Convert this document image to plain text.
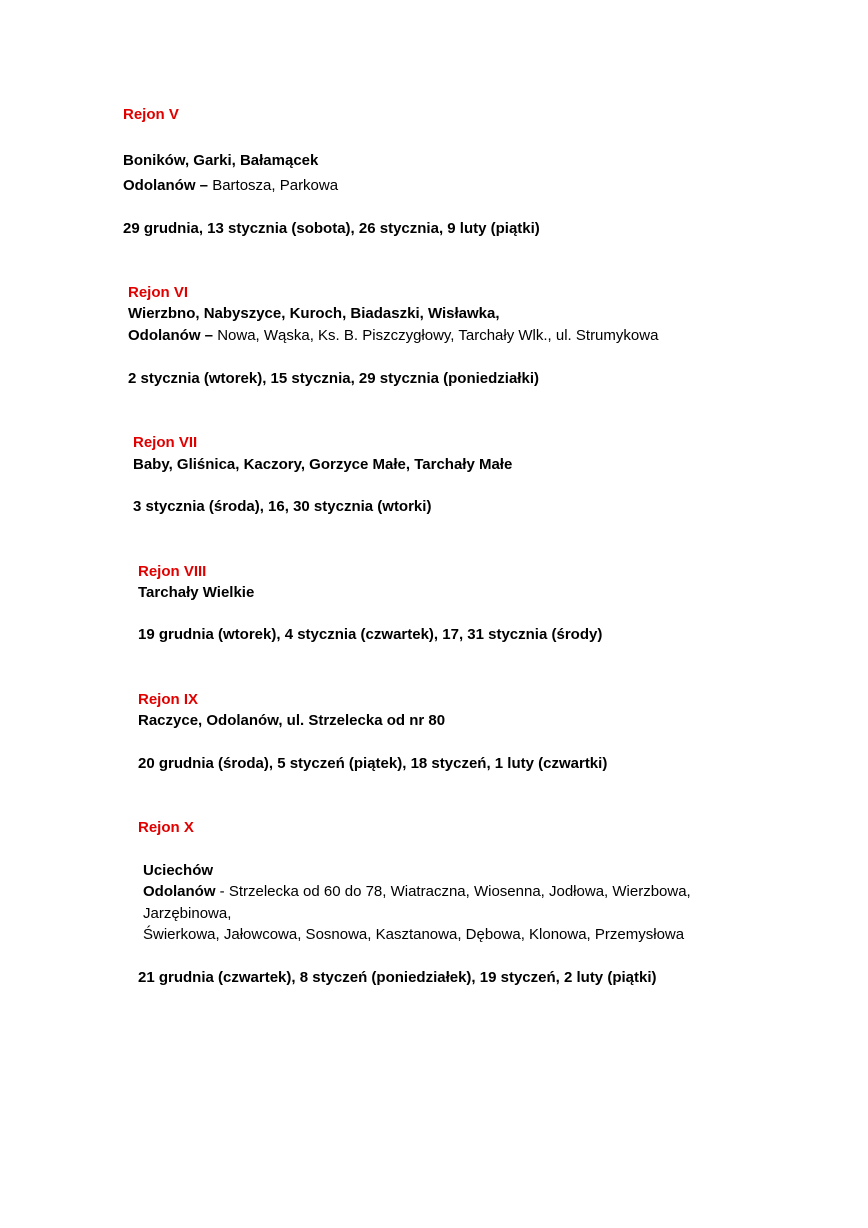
Rejon V
Boników, Garki, Bałamącek
Odolanów – Bartosza, Parkowa
29 grudnia, 13 stycznia (sobota), 26 stycznia, 9 luty (piątki)
Rejon VI
Wierzbno, Nabyszyce, Kuroch, Biadaszki, Wisławka,
Odolanów – Nowa, Wąska, Ks. B. Piszczygłowy, Tarchały Wlk., ul. Strumykowa
2 stycznia (wtorek), 15 stycznia, 29 stycznia (poniedziałki)
Rejon VII
Baby, Gliśnica, Kaczory, Gorzyce Małe, Tarchały Małe
3 stycznia (środa), 16, 30 stycznia (wtorki)
Rejon VIII
Tarchały Wielkie
19 grudnia (wtorek), 4 stycznia (czwartek), 17, 31 stycznia (środy)
Rejon IX
Raczyce, Odolanów, ul. Strzelecka od nr 80
20 grudnia (środa), 5 styczeń (piątek), 18 styczeń, 1 luty (czwartki)
Rejon X
Uciechów
Odolanów - Strzelecka od 60 do 78, Wiatraczna, Wiosenna, Jodłowa, Wierzbowa,
Jarzębinowa,
Świerkowa, Jałowcowa, Sosnowa, Kasztanowa, Dębowa, Klonowa, Przemysłowa
21 grudnia (czwartek), 8 styczeń (poniedziałek), 19 styczeń, 2 luty (piątki)
